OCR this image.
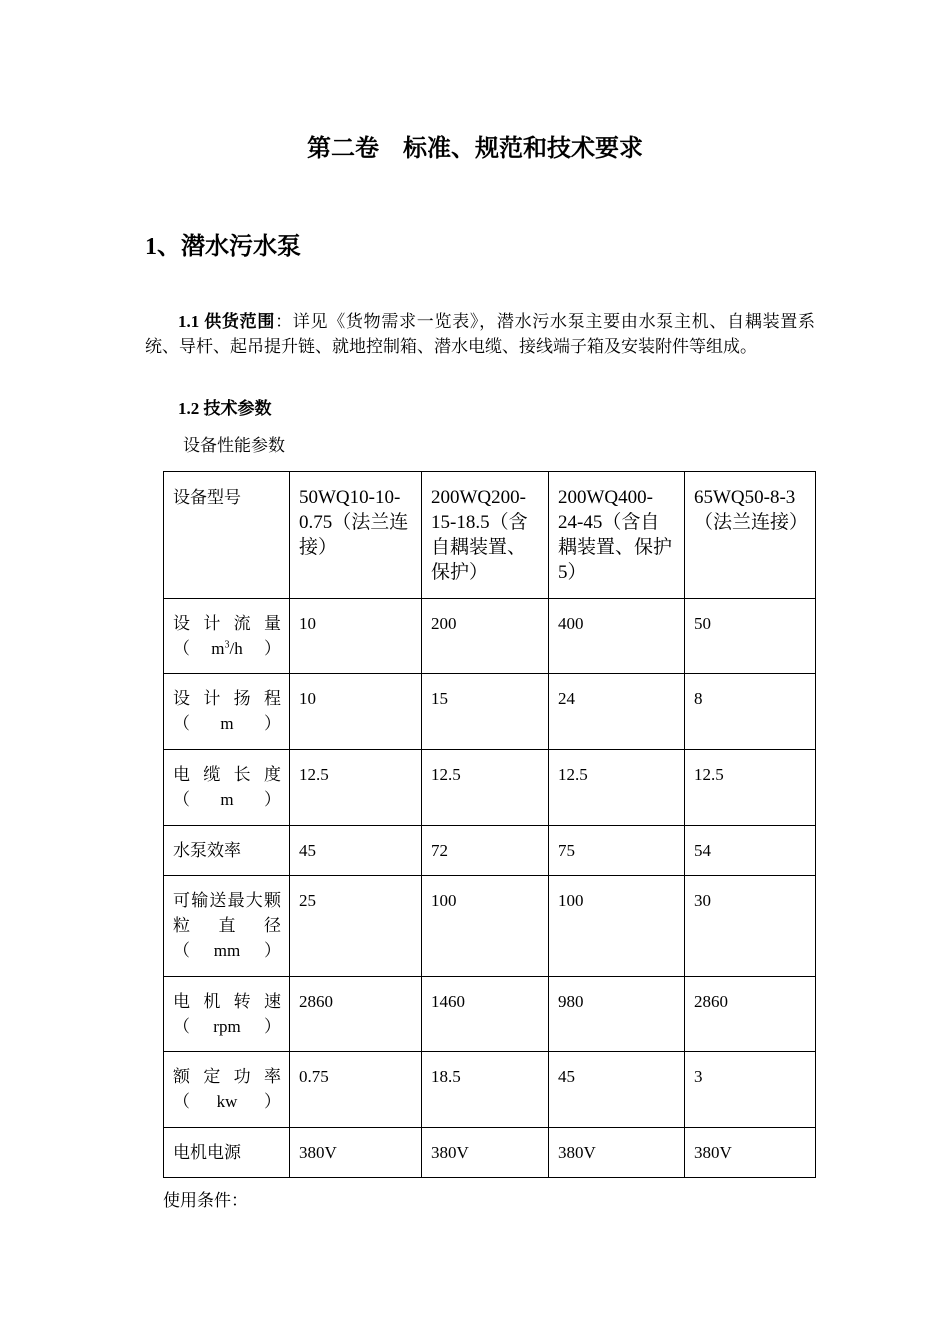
第二卷　标准、规范和技术要求
1、潜水污水泵

1.1 供货范围：详见《货物需求一览表》，潜水污水泵主要由水泵主机、自耦装置系统、导杆、起吊提升链、就地控制箱、潜水电缆、接线端子箱及安装附件等组成。

1.2 技术参数
设备性能参数
设备型号	50WQ10-10-0.75（法兰连接）	200WQ200-15-18.5（含自耦装置、保护）	200WQ400-24-45（含自耦装置、保护5）	65WQ50-8-3（法兰连接）
设计流量$(m^3/h)$	10	200	400	50
设计扬程（m）	10	15	24	8
电缆长度（m）	12.5	12.5	12.5	12.5
水泵效率	45	72	75	54
可输送最大颗粒直径（mm）	25	100	100	30
电机转速（rpm）	2860	1460	980	2860
额定功率（kw）	0.75	18.5	45	3
电机电源	380V	380V	380V	380V
使用条件：
